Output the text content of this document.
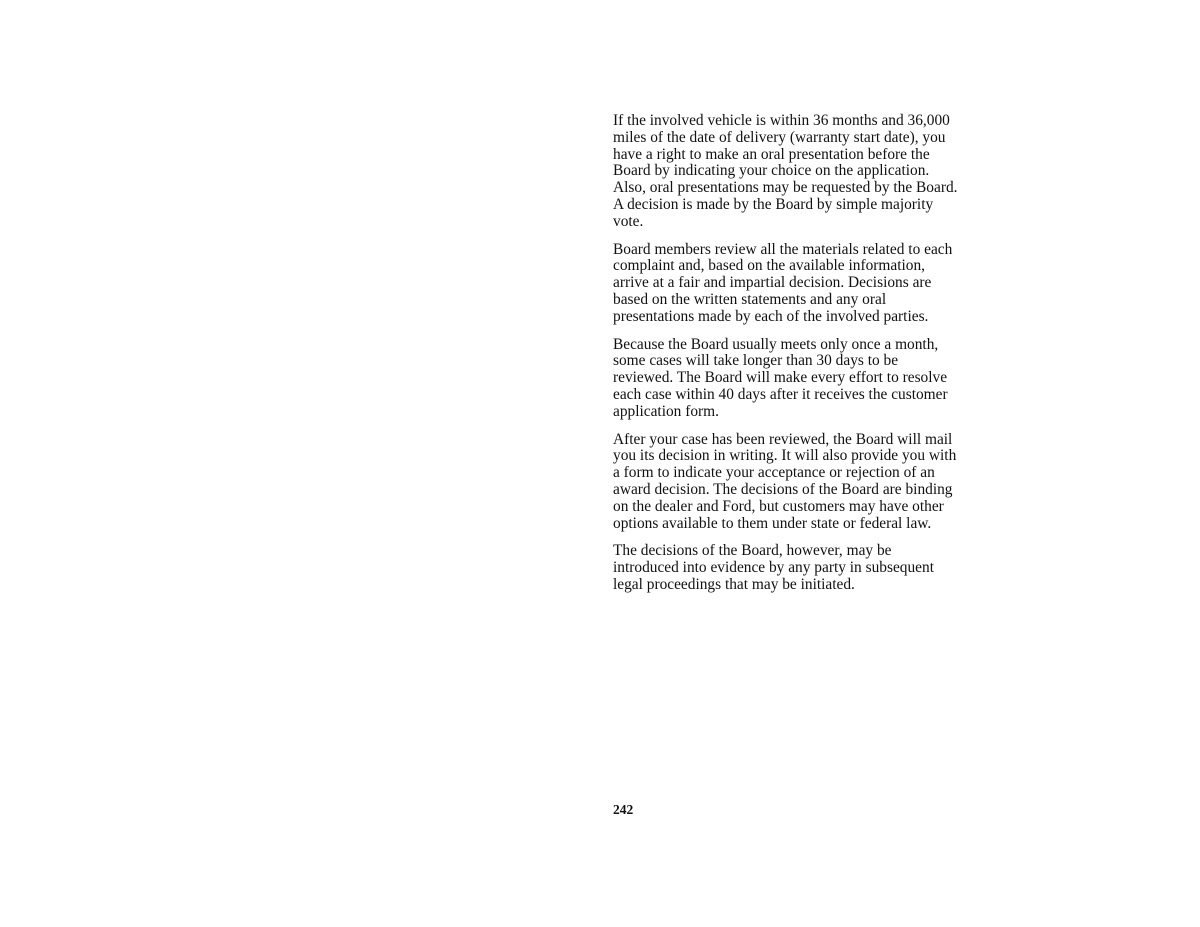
If the involved vehicle is within 36 months and 36,000 miles of the date of delivery (warranty start date), you have a right to make an oral presentation before the Board by indicating your choice on the application. Also, oral presentations may be requested by the Board. A decision is made by the Board by simple majority vote.

Board members review all the materials related to each complaint and, based on the available information, arrive at a fair and impartial decision. Decisions are based on the written statements and any oral presentations made by each of the involved parties.

Because the Board usually meets only once a month, some cases will take longer than 30 days to be reviewed. The Board will make every effort to resolve each case within 40 days after it receives the customer application form.

After your case has been reviewed, the Board will mail you its decision in writing. It will also provide you with a form to indicate your acceptance or rejection of an award decision. The decisions of the Board are binding on the dealer and Ford, but customers may have other options available to them under state or federal law.

The decisions of the Board, however, may be introduced into evidence by any party in subsequent legal proceedings that may be initiated.

242
